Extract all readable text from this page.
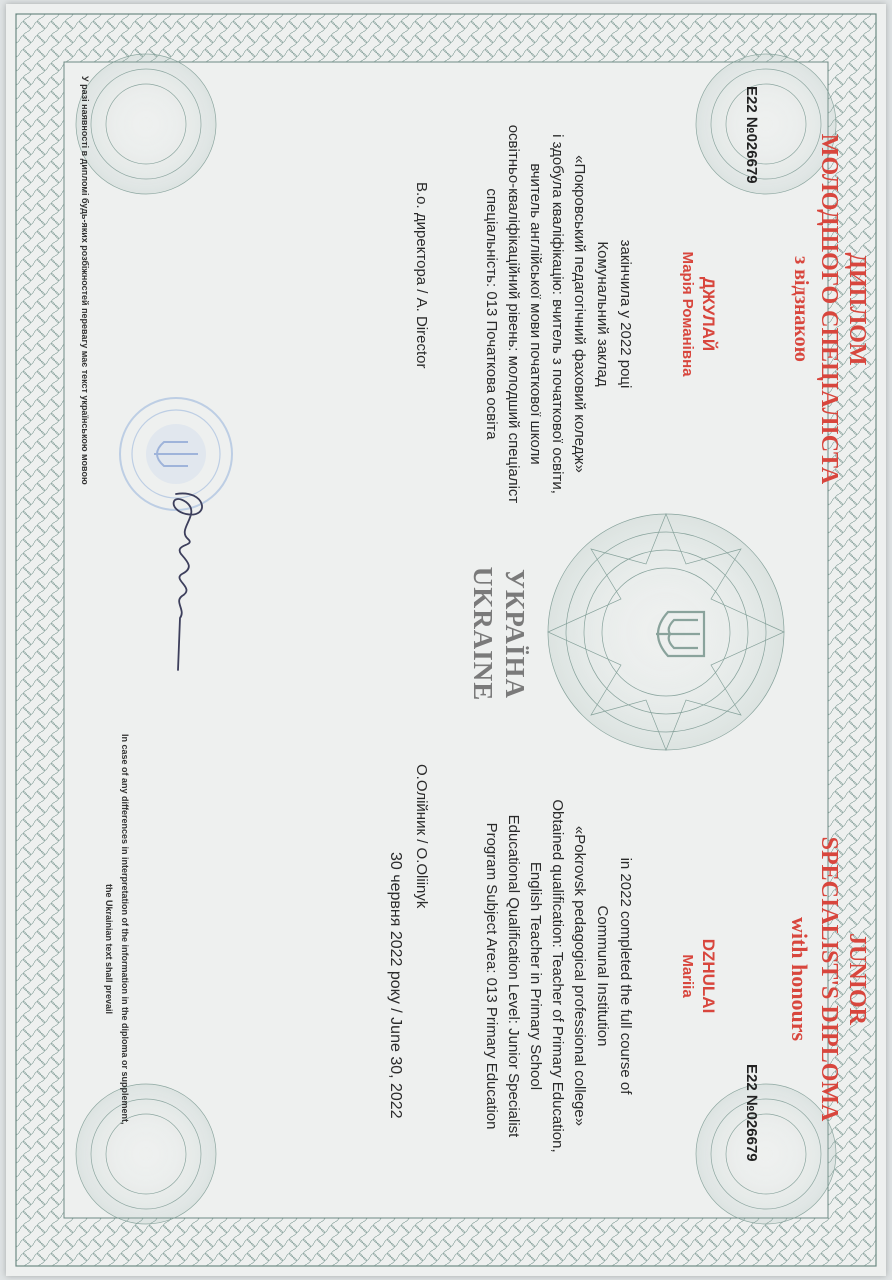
ДИПЛОМ
МОЛОДШОГО СПЕЦІАЛІСТА
з відзнакою
E22 №026679
ДЖУЛАЙ
Марія Романівна
закінчила у 2022 році
Комунальний заклад
«Покровський педагогічний фаховий коледж»
і здобула кваліфікацію: вчитель з початкової освіти,
вчитель англійської мови початкової школи
освітньо-кваліфікаційний рівень: молодший спеціаліст
спеціальність: 013 Початкова освіта
В.о. директора / A. Director
У разі наявності в дипломі будь-яких розбіжностей перевагу має текст українською мовою
УКРАЇНА
UKRAINE
JUNIOR
SPECIALIST'S DIPLOMA
with honours
E22 №026679
DZHULAI
Mariia
in 2022 completed the full course of
Communal Institution
«Pokrovsk pedagogical professional college»
Obtained qualification: Teacher of Primary Education,
English Teacher in Primary School
Educational Qualification Level: Junior Specialist
Program Subject Area: 013 Primary Education
О.Олійник / O.Oliinyk
30 червня 2022 року / June 30, 2022
In case of any differences in interpretation of the information in the diploma or supplement,
the Ukrainian text shall prevail
